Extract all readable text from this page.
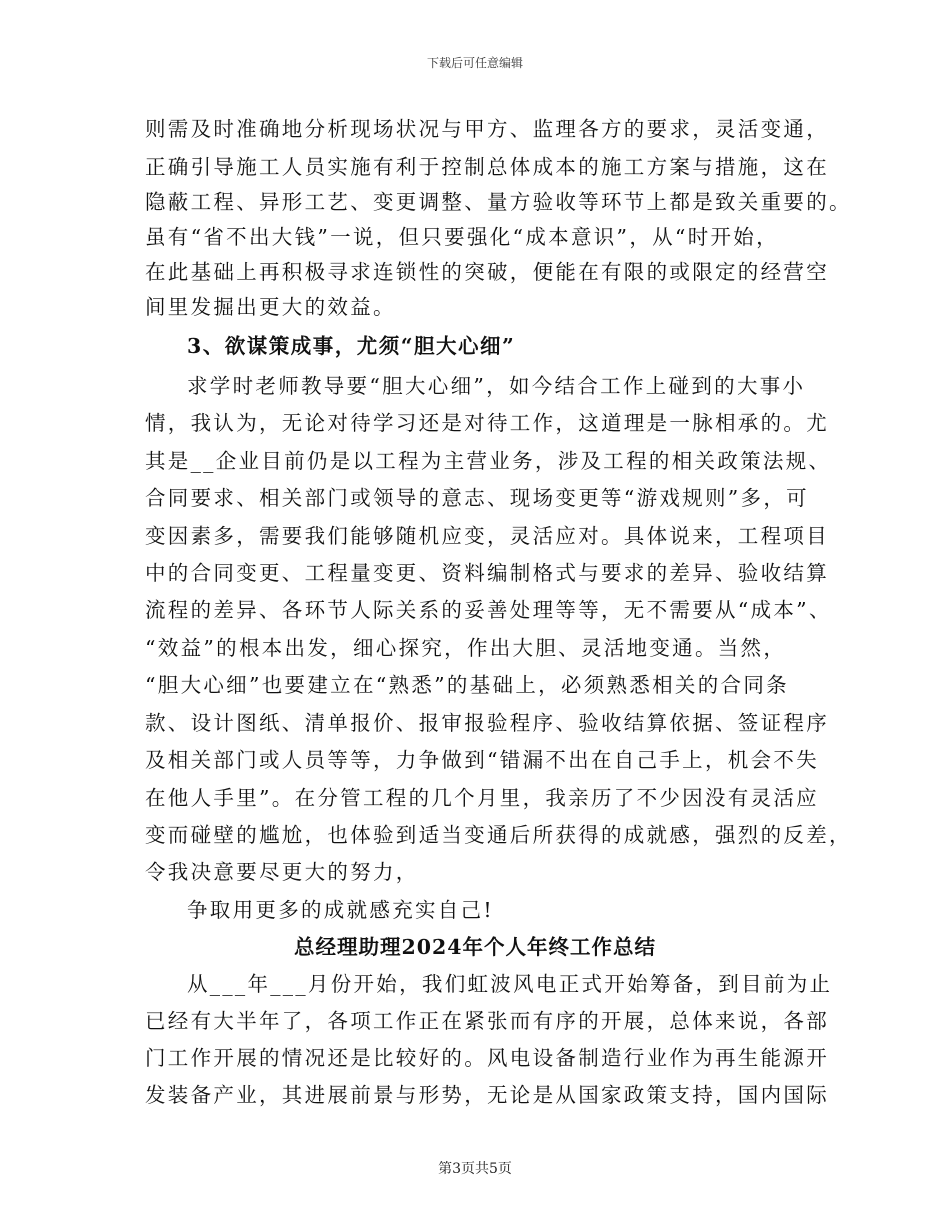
下载后可任意编辑
则需及时准确地分析现场状况与甲方、监理各方的要求，灵活变通，
正确引导施工人员实施有利于控制总体成本的施工方案与措施，这在
隐蔽工程、异形工艺、变更调整、量方验收等环节上都是致关重要的。
虽有“省不出大钱”一说，但只要强化“成本意识”，从“时开始，
在此基础上再积极寻求连锁性的突破，便能在有限的或限定的经营空
间里发掘出更大的效益。
3、欲谋策成事，尤须“胆大心细”
求学时老师教导要“胆大心细”，如今结合工作上碰到的大事小
情，我认为，无论对待学习还是对待工作，这道理是一脉相承的。尤
其是__企业目前仍是以工程为主营业务，涉及工程的相关政策法规、
合同要求、相关部门或领导的意志、现场变更等“游戏规则”多，可
变因素多，需要我们能够随机应变，灵活应对。具体说来，工程项目
中的合同变更、工程量变更、资料编制格式与要求的差异、验收结算
流程的差异、各环节人际关系的妥善处理等等，无不需要从“成本”、
“效益”的根本出发，细心探究，作出大胆、灵活地变通。当然，
“胆大心细”也要建立在“熟悉”的基础上，必须熟悉相关的合同条
款、设计图纸、清单报价、报审报验程序、验收结算依据、签证程序
及相关部门或人员等等，力争做到“错漏不出在自己手上，机会不失
在他人手里”。在分管工程的几个月里，我亲历了不少因没有灵活应
变而碰壁的尴尬，也体验到适当变通后所获得的成就感，强烈的反差，
令我决意要尽更大的努力，
争取用更多的成就感充实自己!
总经理助理2024年个人年终工作总结
从___年___月份开始，我们虹波风电正式开始筹备，到目前为止
已经有大半年了，各项工作正在紧张而有序的开展，总体来说，各部
门工作开展的情况还是比较好的。风电设备制造行业作为再生能源开
发装备产业，其进展前景与形势，无论是从国家政策支持，国内国际
第3页共5页
